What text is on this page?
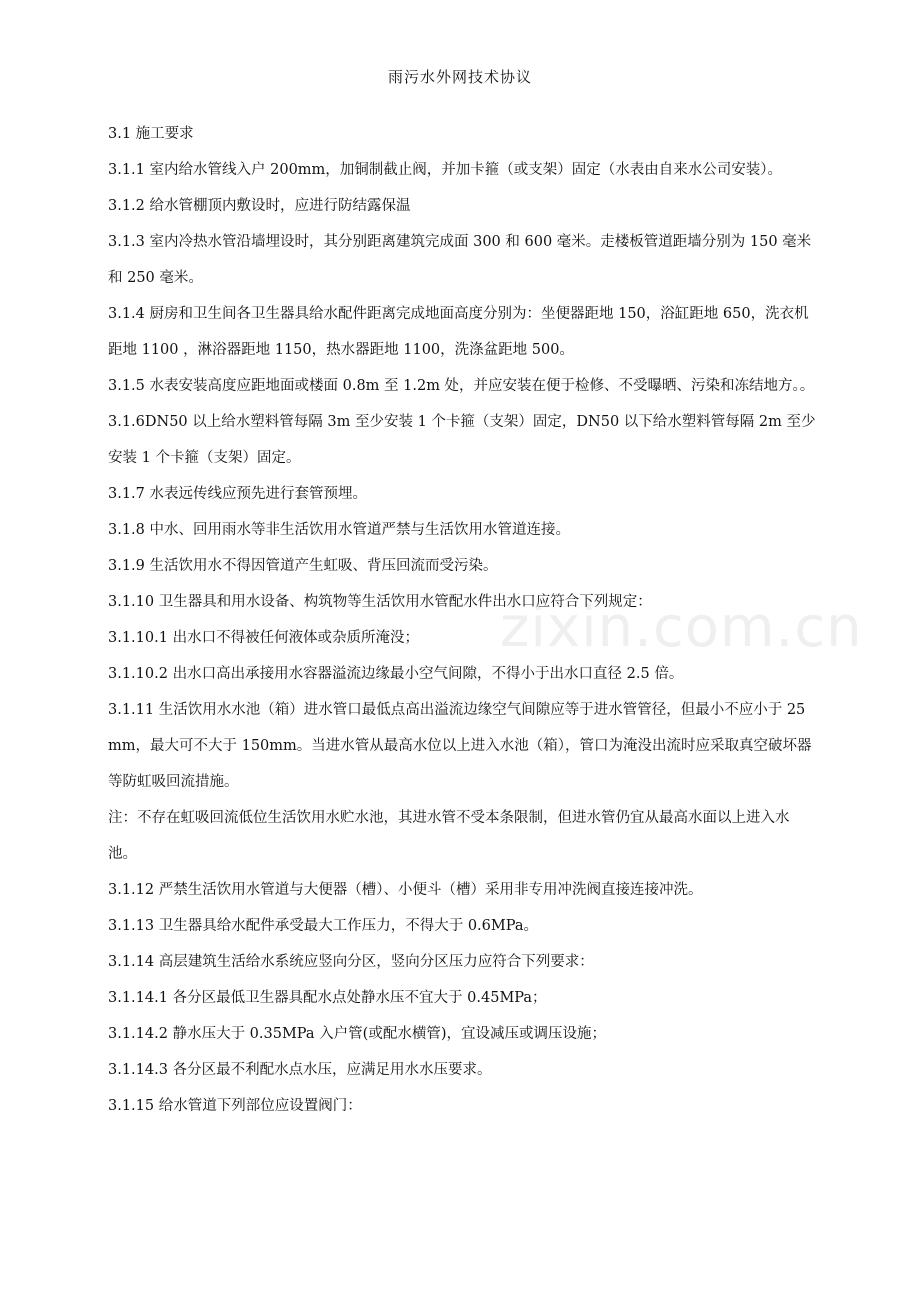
雨污水外网技术协议

3.1 施工要求

3.1.1 室内给水管线入户 200mm，加铜制截止阀，并加卡箍（或支架）固定（水表由自来水公司安装）。

3.1.2 给水管棚顶内敷设时，应进行防结露保温

3.1.3 室内冷热水管沿墙埋设时，其分别距离建筑完成面 300 和 600 毫米。走楼板管道距墙分别为 150 毫米和 250 毫米。

3.1.4 厨房和卫生间各卫生器具给水配件距离完成地面高度分别为：坐便器距地 150，浴缸距地 650，洗衣机距地 1100 ，淋浴器距地 1150，热水器距地 1100，洗涤盆距地 500。

3.1.5 水表安装高度应距地面或楼面 0.8m 至 1.2m 处，并应安装在便于检修、不受曝晒、污染和冻结地方。。

3.1.6DN50 以上给水塑料管每隔 3m 至少安装 1 个卡箍（支架）固定，DN50 以下给水塑料管每隔 2m 至少安装 1 个卡箍（支架）固定。

3.1.7 水表远传线应预先进行套管预埋。

3.1.8 中水、回用雨水等非生活饮用水管道严禁与生活饮用水管道连接。

3.1.9 生活饮用水不得因管道产生虹吸、背压回流而受污染。

3.1.10 卫生器具和用水设备、构筑物等生活饮用水管配水件出水口应符合下列规定：

3.1.10.1 出水口不得被任何液体或杂质所淹没；

3.1.10.2 出水口高出承接用水容器溢流边缘最小空气间隙，不得小于出水口直径 2.5 倍。

3.1.11 生活饮用水水池（箱）进水管口最低点高出溢流边缘空气间隙应等于进水管管径，但最小不应小于 25mm，最大可不大于 150mm。当进水管从最高水位以上进入水池（箱），管口为淹没出流时应采取真空破坏器等防虹吸回流措施。

注：不存在虹吸回流低位生活饮用水贮水池，其进水管不受本条限制，但进水管仍宜从最高水面以上进入水池。

3.1.12 严禁生活饮用水管道与大便器（槽）、小便斗（槽）采用非专用冲洗阀直接连接冲洗。

3.1.13 卫生器具给水配件承受最大工作压力，不得大于 0.6MPa。

3.1.14 高层建筑生活给水系统应竖向分区，竖向分区压力应符合下列要求：

3.1.14.1 各分区最低卫生器具配水点处静水压不宜大于 0.45MPa；

3.1.14.2 静水压大于 0.35MPa 入户管(或配水横管)，宜设减压或调压设施；

3.1.14.3 各分区最不利配水点水压，应满足用水水压要求。

3.1.15 给水管道下列部位应设置阀门：

zixin.com.cn
